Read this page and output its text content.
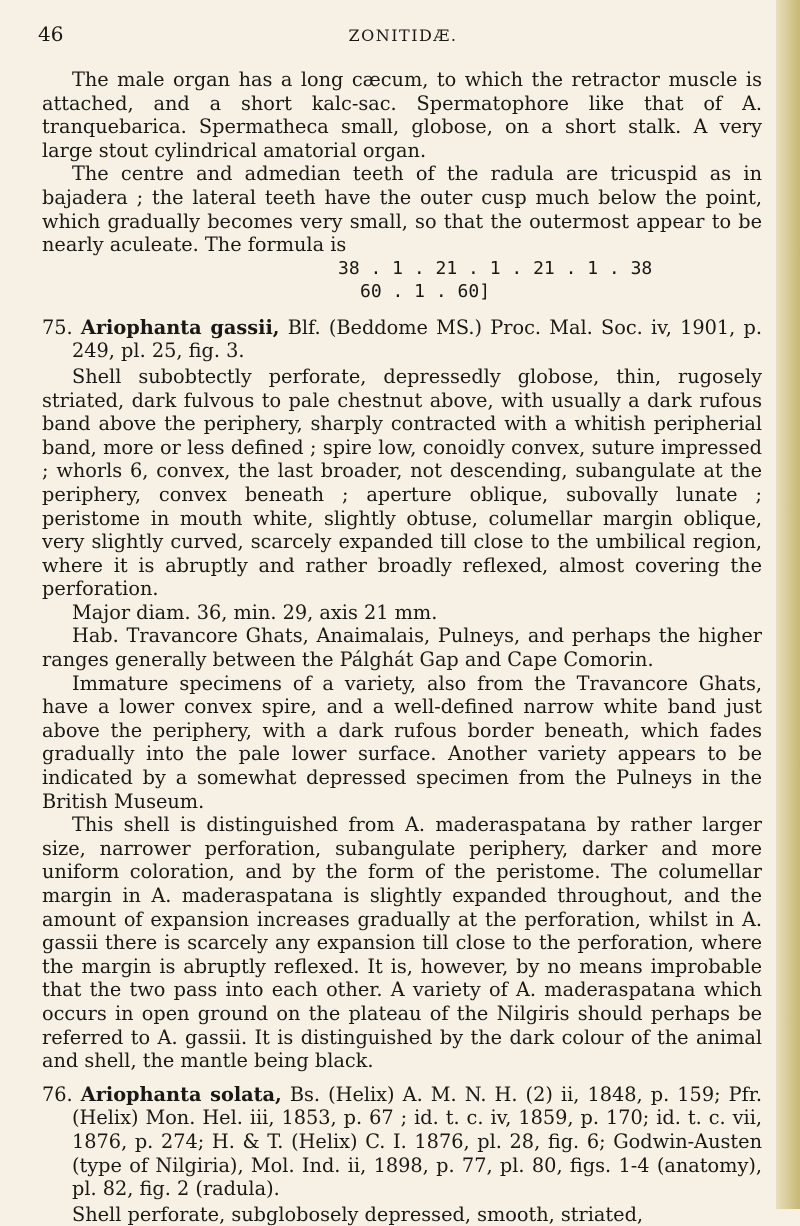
46	ZONITIDÆ.

The male organ has a long cæcum, to which the retractor muscle is attached, and a short kalc-sac. Spermatophore like that of A. tranquebarica. Spermatheca small, globose, on a short stalk. A very large stout cylindrical amatorial organ.

The centre and admedian teeth of the radula are tricuspid as in bajadera ; the lateral teeth have the outer cusp much below the point, which gradually becomes very small, so that the outermost appear to be nearly aculeate. The formula is

38 . 1 . 21 . 1 . 21 . 1 . 38
60 . 1 . 60]

75. Ariophanta gassii, Blf. (Beddome MS.) Proc. Mal. Soc. iv, 1901, p. 249, pl. 25, fig. 3.

Shell subobtectly perforate, depressedly globose, thin, rugosely striated, dark fulvous to pale chestnut above, with usually a dark rufous band above the periphery, sharply contracted with a whitish peripherial band, more or less defined ; spire low, conoidly convex, suture impressed ; whorls 6, convex, the last broader, not descending, subangulate at the periphery, convex beneath ; aperture oblique, subovally lunate ; peristome in mouth white, slightly obtuse, columellar margin oblique, very slightly curved, scarcely expanded till close to the umbilical region, where it is abruptly and rather broadly reflexed, almost covering the perforation.

Major diam. 36, min. 29, axis 21 mm.

Hab. Travancore Ghats, Anaimalais, Pulneys, and perhaps the higher ranges generally between the Pálghát Gap and Cape Comorin.

Immature specimens of a variety, also from the Travancore Ghats, have a lower convex spire, and a well-defined narrow white band just above the periphery, with a dark rufous border beneath, which fades gradually into the pale lower surface. Another variety appears to be indicated by a somewhat depressed specimen from the Pulneys in the British Museum.

This shell is distinguished from A. maderaspatana by rather larger size, narrower perforation, subangulate periphery, darker and more uniform coloration, and by the form of the peristome. The columellar margin in A. maderaspatana is slightly expanded throughout, and the amount of expansion increases gradually at the perforation, whilst in A. gassii there is scarcely any expansion till close to the perforation, where the margin is abruptly reflexed. It is, however, by no means improbable that the two pass into each other. A variety of A. maderaspatana which occurs in open ground on the plateau of the Nilgiris should perhaps be referred to A. gassii. It is distinguished by the dark colour of the animal and shell, the mantle being black.

76. Ariophanta solata, Bs. (Helix) A. M. N. H. (2) ii, 1848, p. 159; Pfr. (Helix) Mon. Hel. iii, 1853, p. 67 ; id. t. c. iv, 1859, p. 170; id. t. c. vii, 1876, p. 274; H. & T. (Helix) C. I. 1876, pl. 28, fig. 6; Godwin-Austen (type of Nilgiria), Mol. Ind. ii, 1898, p. 77, pl. 80, figs. 1-4 (anatomy), pl. 82, fig. 2 (radula).

Shell perforate, subglobosely depressed, smooth, striated,
